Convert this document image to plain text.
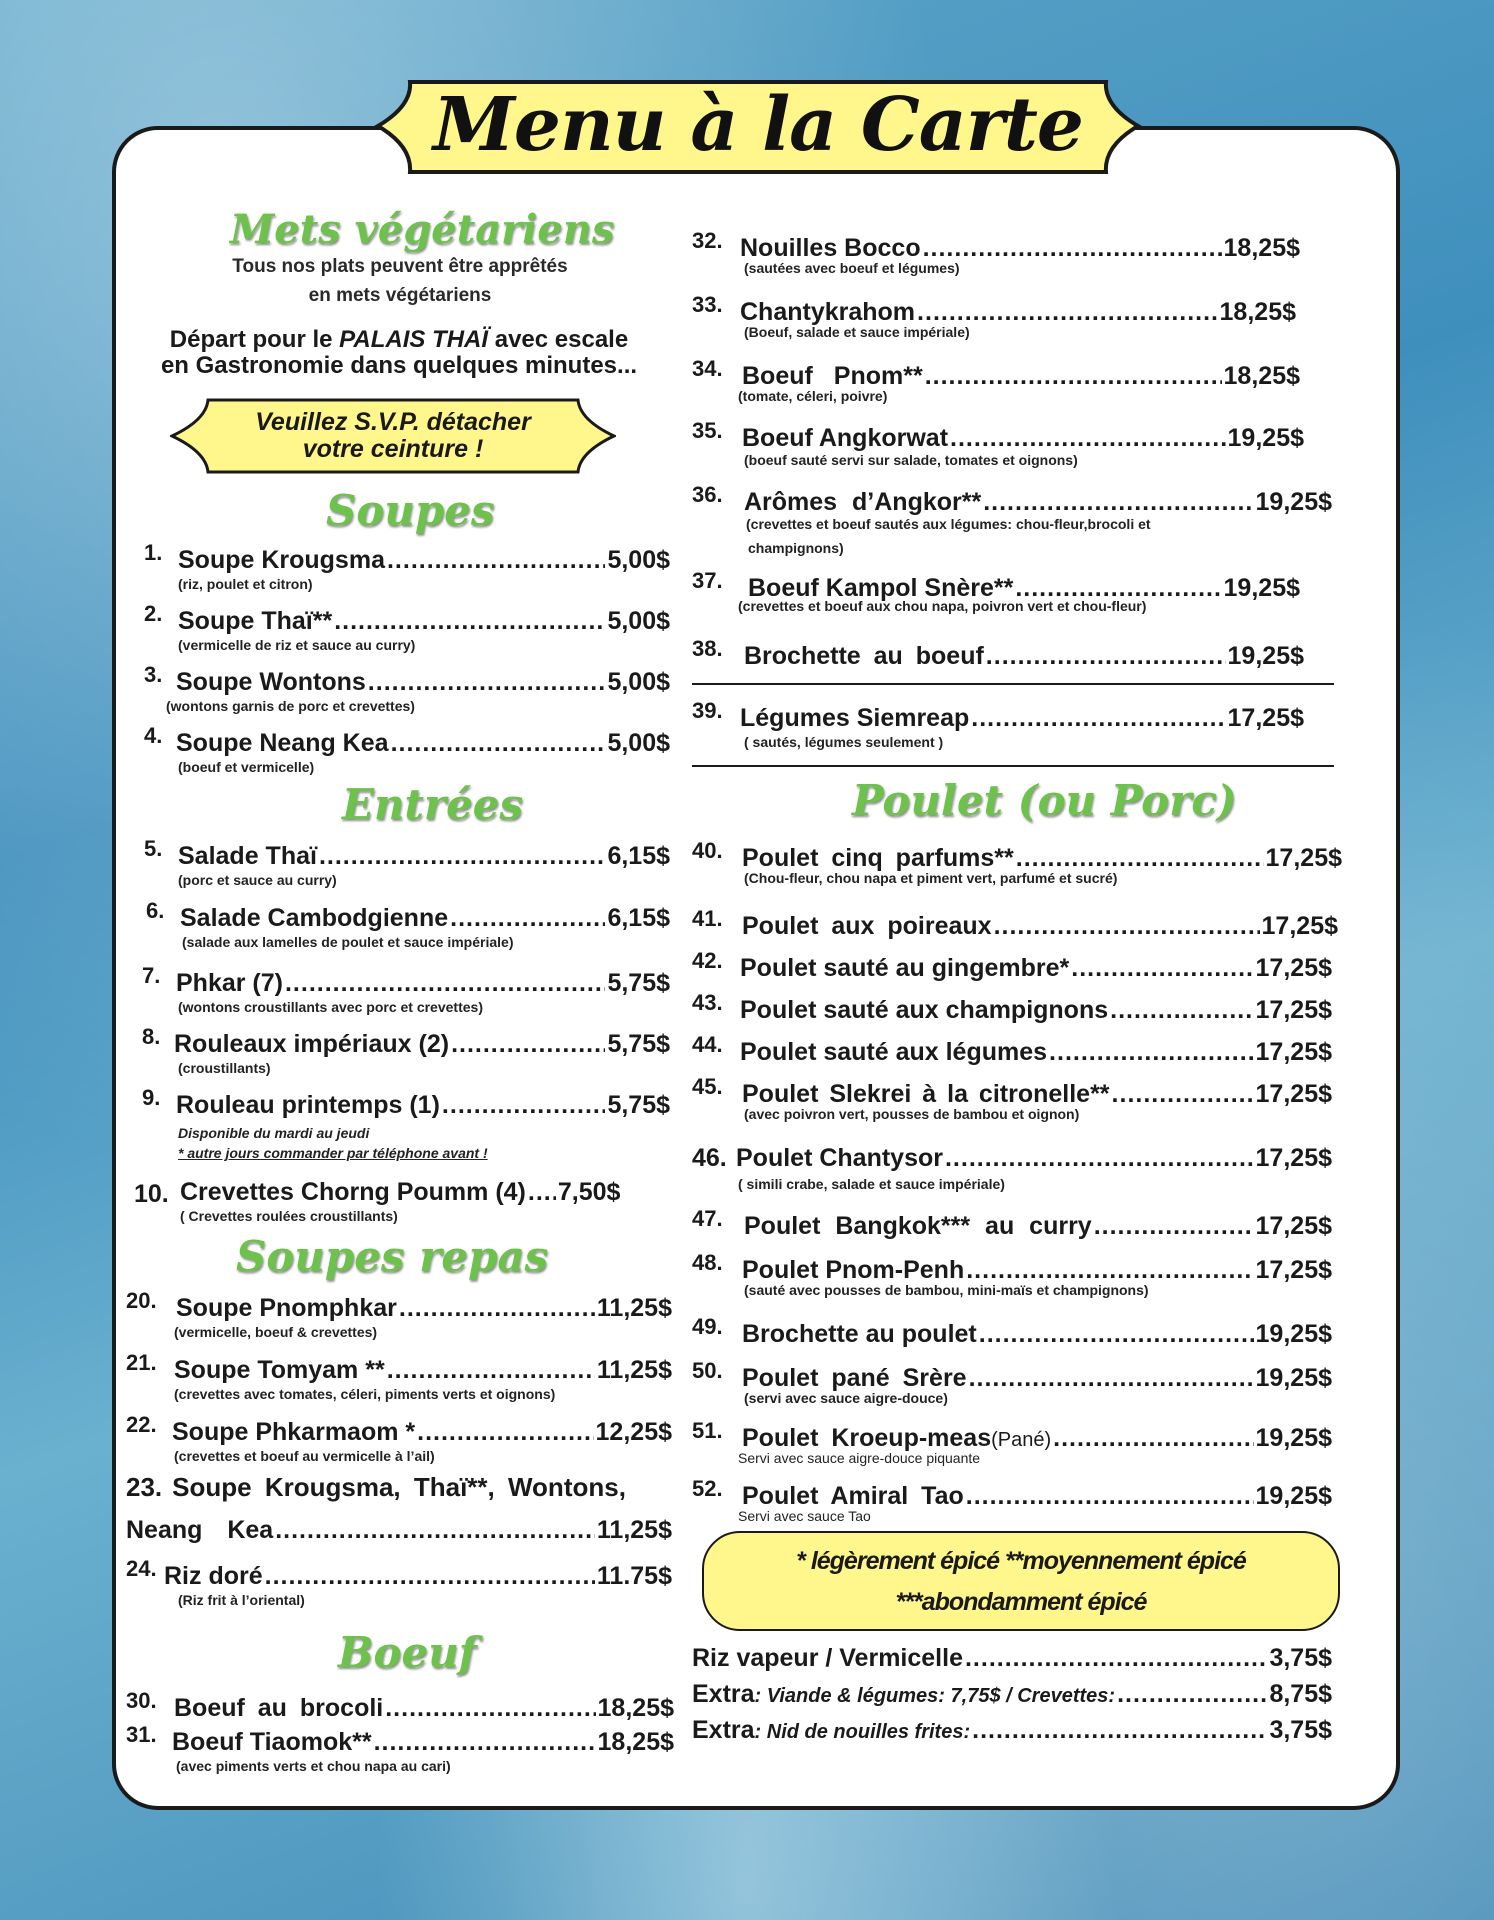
Menu à la Carte
Mets végétariens
Tous nos plats peuvent être apprêtés
en mets végétariens
Départ pour le PALAIS THAÏ avec escale
en Gastronomie dans quelques minutes...
Veuillez S.V.P. détacher
votre ceinture !
Soupes
1. Soupe Krougsma .....	5,00$
(riz, poulet et citron)
2. Soupe Thaï** .....	5,00$
(vermicelle de riz et sauce au curry)
3. Soupe Wontons .....	5,00$
(wontons garnis de porc et crevettes)
4. Soupe Neang Kea .....	5,00$
(boeuf et vermicelle)
Entrées
5. Salade Thaï .....	6,15$
(porc et sauce au curry)
6. Salade Cambodgienne .....	6,15$
(salade aux lamelles de poulet et sauce impériale)
7. Phkar (7) .....	5,75$
(wontons croustillants avec porc et crevettes)
8. Rouleaux impériaux (2) .....	5,75$
(croustillants)
9. Rouleau printemps (1) .....	5,75$
Disponible du mardi au jeudi
* autre jours commander par téléphone avant !
10. Crevettes Chorng Poumm (4) ..... 7,50$
( Crevettes roulées croustillants)
Soupes repas
20. Soupe Pnomphkar .....	11,25$
(vermicelle, boeuf & crevettes)
21. Soupe Tomyam ** .....	11,25$
(crevettes avec tomates, céleri, piments verts et oignons)
22. Soupe Phkarmaom * .....	12,25$
(crevettes et boeuf au vermicelle à l’ail)
23. Soupe Krougsma, Thaï**, Wontons,
Neang Kea .....	11,25$
24. Riz doré .....	11.75$
(Riz frit à l’oriental)
Boeuf
30. Boeuf au brocoli .....	18,25$
31. Boeuf Tiaomok** .....	18,25$
(avec piments verts et chou napa au cari)
32. Nouilles Bocco .....	18,25$
(sautées avec boeuf et légumes)
33. Chantykrahom .....	18,25$
(Boeuf, salade et sauce impériale)
34. Boeuf Pnom** .....	18,25$
(tomate, céleri, poivre)
35. Boeuf Angkorwat .....	19,25$
(boeuf sauté servi sur salade, tomates et oignons)
36. Arômes d’Angkor** .....	19,25$
(crevettes et boeuf sautés aux légumes: chou-fleur,brocoli et
champignons)
37. Boeuf Kampol Snère** .....	19,25$
(crevettes et boeuf aux chou napa, poivron vert et chou-fleur)
38. Brochette au boeuf .....	19,25$
39. Légumes Siemreap .....	17,25$
( sautés, légumes seulement )
Poulet (ou Porc)
40. Poulet cinq parfums** .....	17,25$
(Chou-fleur, chou napa et piment vert, parfumé et sucré)
41. Poulet aux poireaux .....	17,25$
42. Poulet sauté au gingembre* .....	17,25$
43. Poulet sauté aux champignons .....	17,25$
44. Poulet sauté aux légumes .....	17,25$
45. Poulet Slekrei à la citronelle** .....	17,25$
(avec poivron vert, pousses de bambou et oignon)
46. Poulet Chantysor .....	17,25$
( simili crabe, salade et sauce impériale)
47. Poulet Bangkok*** au curry .....	17,25$
48. Poulet Pnom-Penh .....	17,25$
(sauté avec pousses de bambou, mini-maïs et champignons)
49. Brochette au poulet .....	19,25$
50. Poulet pané Srère .....	19,25$
(servi avec sauce aigre-douce)
51. Poulet Kroeup-meas (Pané) .....	19,25$
Servi avec sauce aigre-douce piquante
52. Poulet Amiral Tao .....	19,25$
Servi avec sauce Tao
* légèrement épicé **moyennement épicé
***abondamment épicé
Riz vapeur / Vermicelle .....	3,75$
Extra : Viande & légumes: 7,75$ / Crevettes: .....	8,75$
Extra : Nid de nouilles frites: .....	3,75$
